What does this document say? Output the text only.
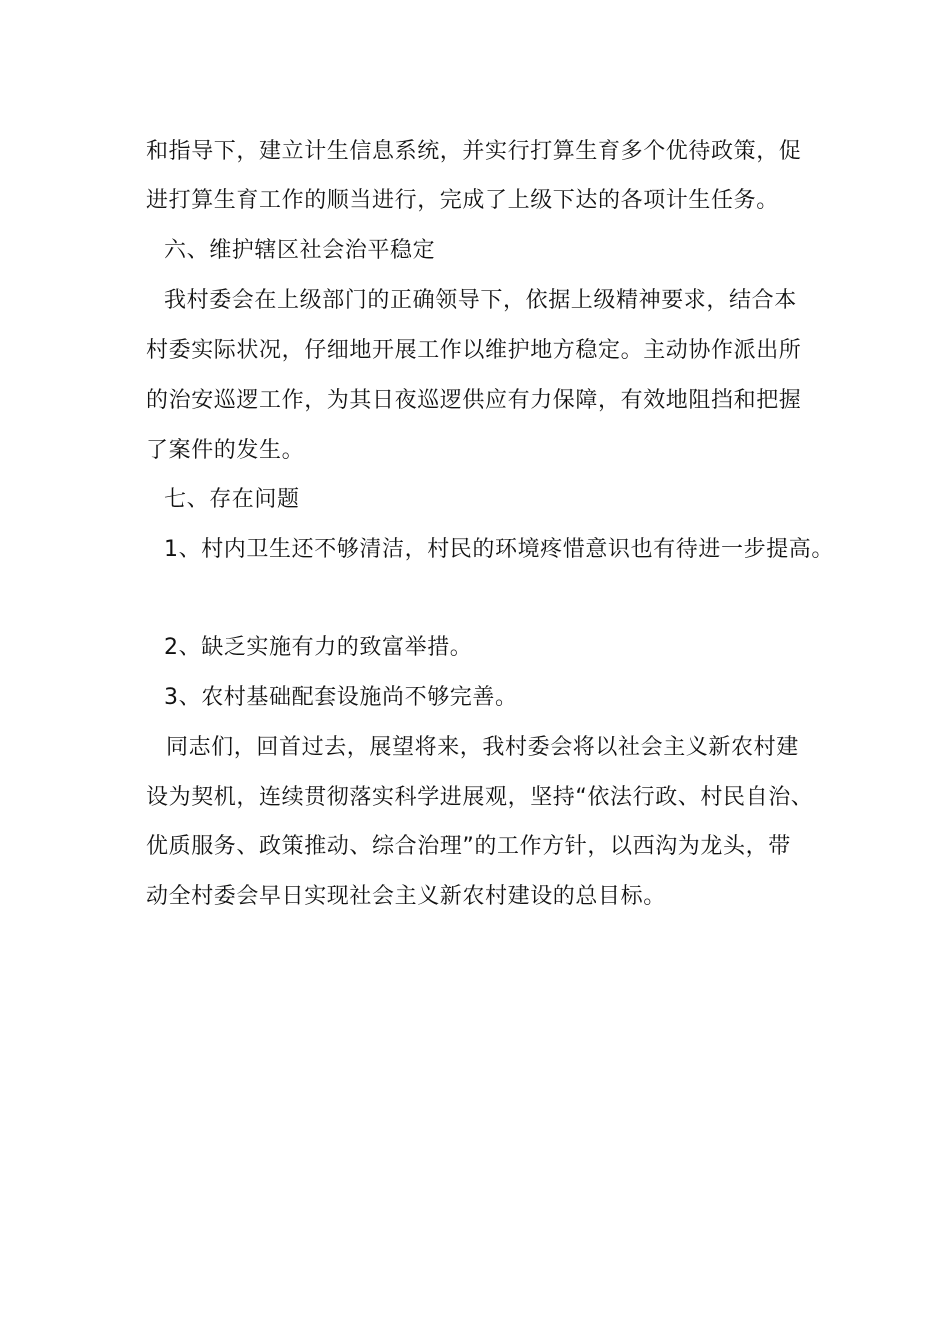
和指导下，建立计生信息系统，并实行打算生育多个优待政策，促
进打算生育工作的顺当进行，完成了上级下达的各项计生任务。
六、维护辖区社会治平稳定
我村委会在上级部门的正确领导下，依据上级精神要求，结合本
村委实际状况，仔细地开展工作以维护地方稳定。主动协作派出所
的治安巡逻工作，为其日夜巡逻供应有力保障，有效地阻挡和把握
了案件的发生。
七、存在问题
1、村内卫生还不够清洁，村民的环境疼惜意识也有待进一步提高。
2、缺乏实施有力的致富举措。
3、农村基础配套设施尚不够完善。
同志们，回首过去，展望将来，我村委会将以社会主义新农村建
设为契机，连续贯彻落实科学进展观，坚持“依法行政、村民自治、
优质服务、政策推动、综合治理”的工作方针，以西沟为龙头，带
动全村委会早日实现社会主义新农村建设的总目标。
